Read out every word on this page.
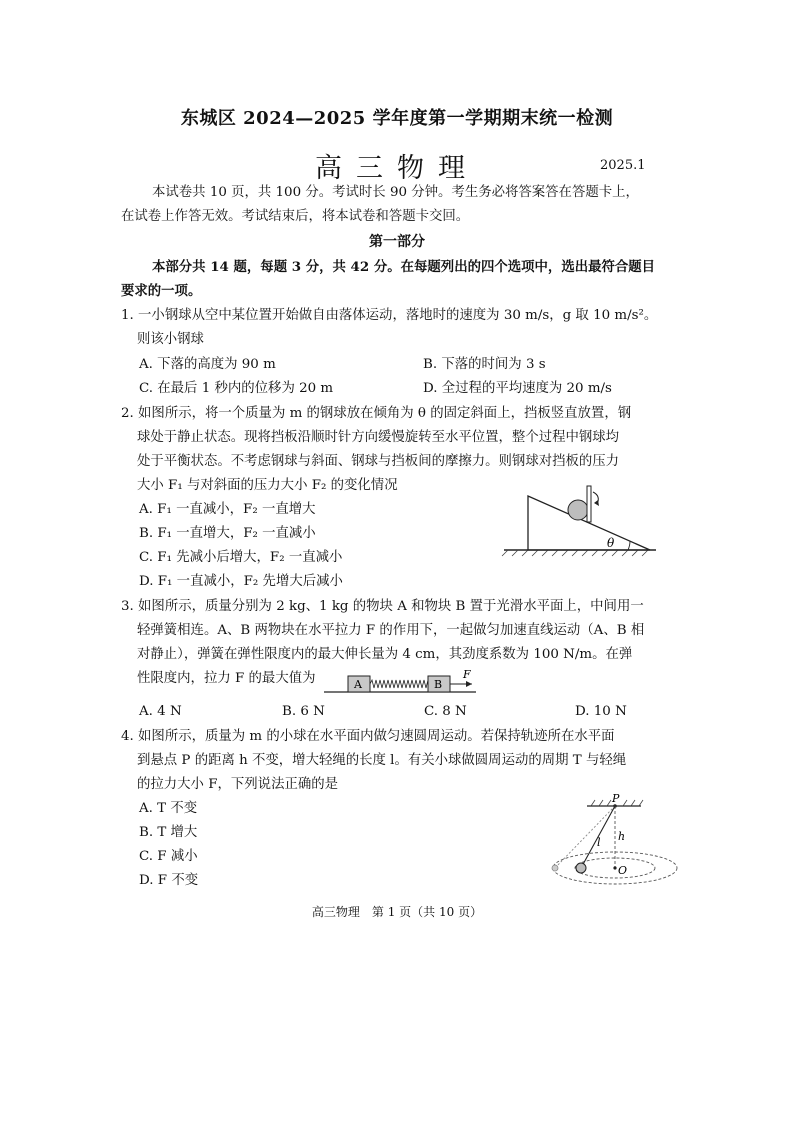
东城区 2024—2025 学年度第一学期期末统一检测
高三物理	2025.1
本试卷共 10 页，共 100 分。考试时长 90 分钟。考生务必将答案答在答题卡上，
在试卷上作答无效。考试结束后，将本试卷和答题卡交回。
第一部分
本部分共 14 题，每题 3 分，共 42 分。在每题列出的四个选项中，选出最符合题目
要求的一项。
1. 一小钢球从空中某位置开始做自由落体运动，落地时的速度为 30 m/s，g 取 10 m/s²。
则该小钢球
A. 下落的高度为 90 m	B. 下落的时间为 3 s
C. 在最后 1 秒内的位移为 20 m	D. 全过程的平均速度为 20 m/s
2. 如图所示，将一个质量为 m 的钢球放在倾角为 θ 的固定斜面上，挡板竖直放置，钢
球处于静止状态。现将挡板沿顺时针方向缓慢旋转至水平位置，整个过程中钢球均
处于平衡状态。不考虑钢球与斜面、钢球与挡板间的摩擦力。则钢球对挡板的压力
大小 F₁ 与对斜面的压力大小 F₂ 的变化情况
A. F₁ 一直减小，F₂ 一直增大
B. F₁ 一直增大，F₂ 一直减小
C. F₁ 先减小后增大，F₂ 一直减小
D. F₁ 一直减小，F₂ 先增大后减小
θ
3. 如图所示，质量分别为 2 kg、1 kg 的物块 A 和物块 B 置于光滑水平面上，中间用一
轻弹簧相连。A、B 两物块在水平拉力 F 的作用下，一起做匀加速直线运动（A、B 相
对静止），弹簧在弹性限度内的最大伸长量为 4 cm，其劲度系数为 100 N/m。在弹
性限度内，拉力 F 的最大值为	A	B
F
A. 4 N	B. 6 N	C. 8 N	D. 10 N
4. 如图所示，质量为 m 的小球在水平面内做匀速圆周运动。若保持轨迹所在水平面
到悬点 P 的距离 h 不变，增大轻绳的长度 l。有关小球做圆周运动的周期 T 与轻绳
的拉力大小 F，下列说法正确的是
A. T 不变
B. T 增大
C. F 减小
D. F 不变
P
h
l
O
高三物理　第 1 页（共 10 页）
